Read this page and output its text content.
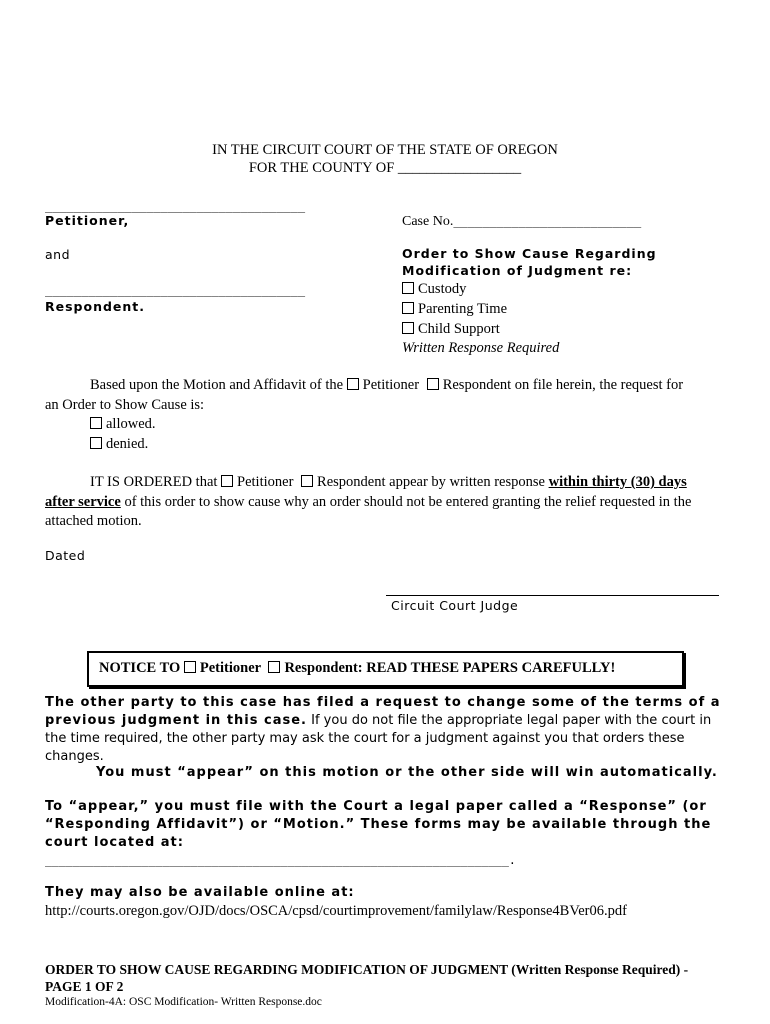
IN THE CIRCUIT COURT OF THE STATE OF OREGON
FOR THE COUNTY OF _________________
____________________________________
Petitioner,
and
____________________________________
Respondent.
Case No.__________________________
Order to Show Cause Regarding
Modification of Judgment re:
Custody
Parenting Time
Child Support
Written Response Required
Based upon the Motion and Affidavit of the Petitioner Respondent on file herein, the request for
an Order to Show Cause is:
allowed.
denied.
IT IS ORDERED that Petitioner Respondent appear by written response within thirty (30) days
after service of this order to show cause why an order should not be entered granting the relief requested in the
attached motion.
Dated
Circuit Court Judge
NOTICE TO Petitioner Respondent: READ THESE PAPERS CAREFULLY!
The other party to this case has filed a request to change some of the terms of a previous judgment in this case. If you do not file the appropriate legal paper with the court in the time required, the other party may ask the court for a judgment against you that orders these changes.
You must “appear” on this motion or the other side will win automatically.
To “appear,” you must file with the Court a legal paper called a “Response” (or “Responding Affidavit”) or “Motion.” These forms may be available through the court located at:
___________________________________________________________________.
They may also be available online at:
http://courts.oregon.gov/OJD/docs/OSCA/cpsd/courtimprovement/familylaw/Response4BVer06.pdf
ORDER TO SHOW CAUSE REGARDING MODIFICATION OF JUDGMENT (Written Response Required) -
PAGE 1 OF 2
Modification-4A: OSC Modification- Written Response.doc
